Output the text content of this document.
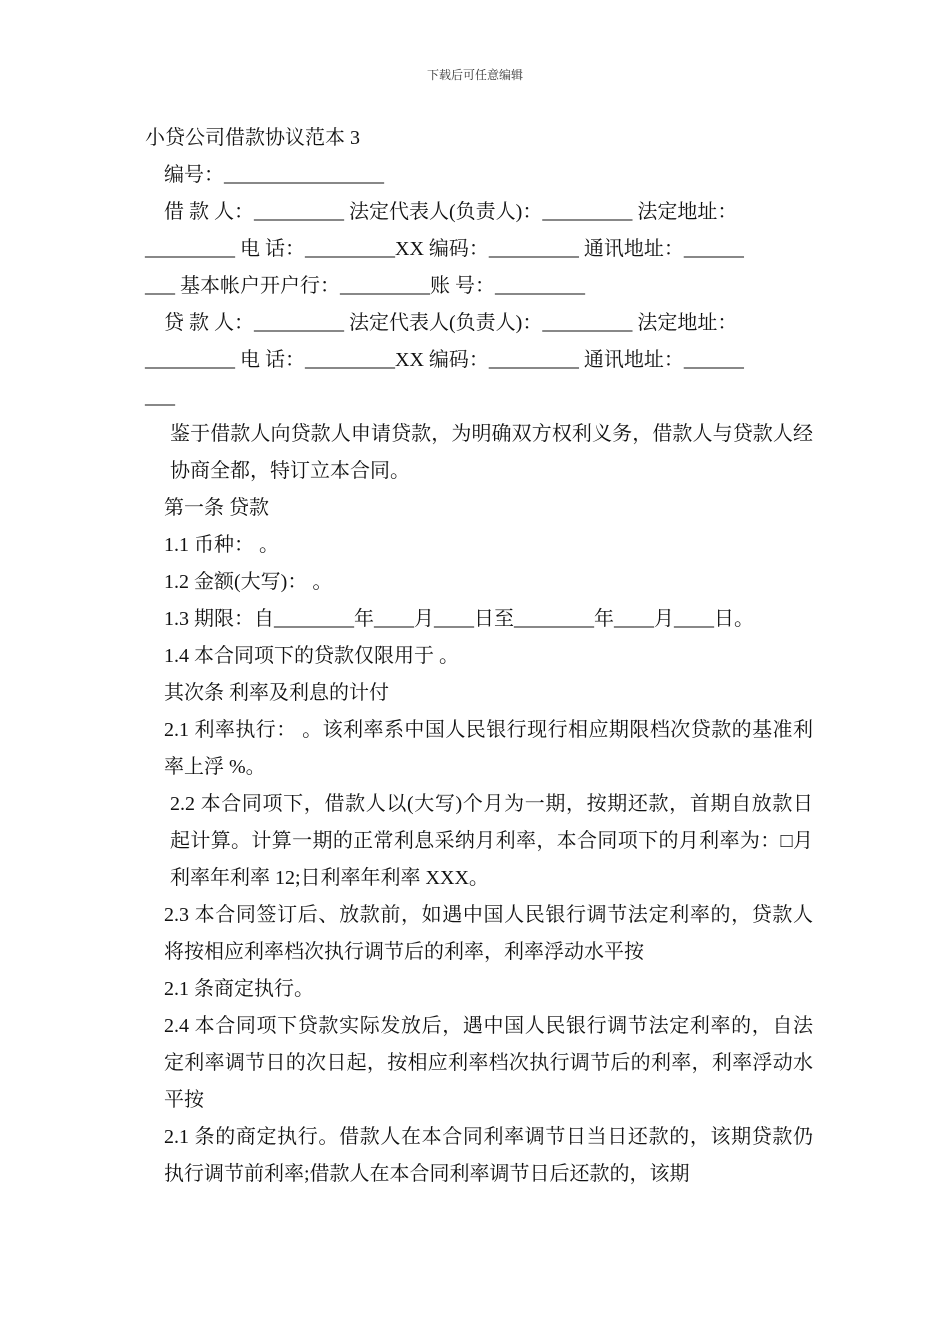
下载后可任意编辑

小贷公司借款协议范本 3

编号：________________

借 款 人：_________ 法定代表人(负责人)：_________ 法定地址：

_________ 电 话：_________XX 编码：_________ 通讯地址：______

___ 基本帐户开户行：_________账 号：_________

贷 款 人：_________ 法定代表人(负责人)：_________ 法定地址：

_________ 电 话：_________XX 编码：_________ 通讯地址：______

___

鉴于借款人向贷款人申请贷款，为明确双方权利义务，借款人与贷款人经协商全都，特订立本合同。

第一条 贷款

1.1 币种： 。

1.2 金额(大写)： 。

1.3 期限：自________年____月____日至________年____月____日。

1.4 本合同项下的贷款仅限用于 。

其次条 利率及利息的计付

2.1 利率执行： 。该利率系中国人民银行现行相应期限档次贷款的基准利率上浮 %。

2.2 本合同项下，借款人以(大写)个月为一期，按期还款，首期自放款日起计算。计算一期的正常利息采纳月利率，本合同项下的月利率为：□月利率年利率 12;日利率年利率 XXX。

2.3 本合同签订后、放款前，如遇中国人民银行调节法定利率的，贷款人将按相应利率档次执行调节后的利率，利率浮动水平按

2.1 条商定执行。

2.4 本合同项下贷款实际发放后，遇中国人民银行调节法定利率的，自法定利率调节日的次日起，按相应利率档次执行调节后的利率，利率浮动水平按

2.1 条的商定执行。借款人在本合同利率调节日当日还款的，该期贷款仍执行调节前利率;借款人在本合同利率调节日后还款的，该期
